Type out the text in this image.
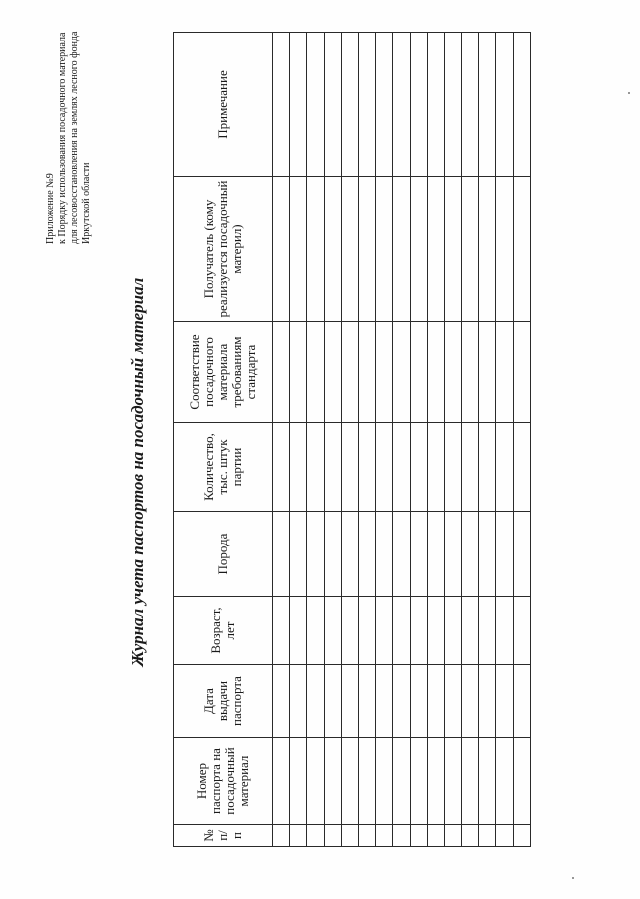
Приложение №9 к Порядку использования посадочного материала для лесовосстановления на землях лесного фонда Иркутской области
Журнал учета паспортов на посадочный материал
№ п/п	Номер паспорта на посадочный материал	Дата выдачи паспорта	Возраст, лет	Порода	Количество, тыс. штук партии	Соответствие посадочного материала требованиям стандарта	Получатель (кому реализуется посадочный материл)	Примечание
